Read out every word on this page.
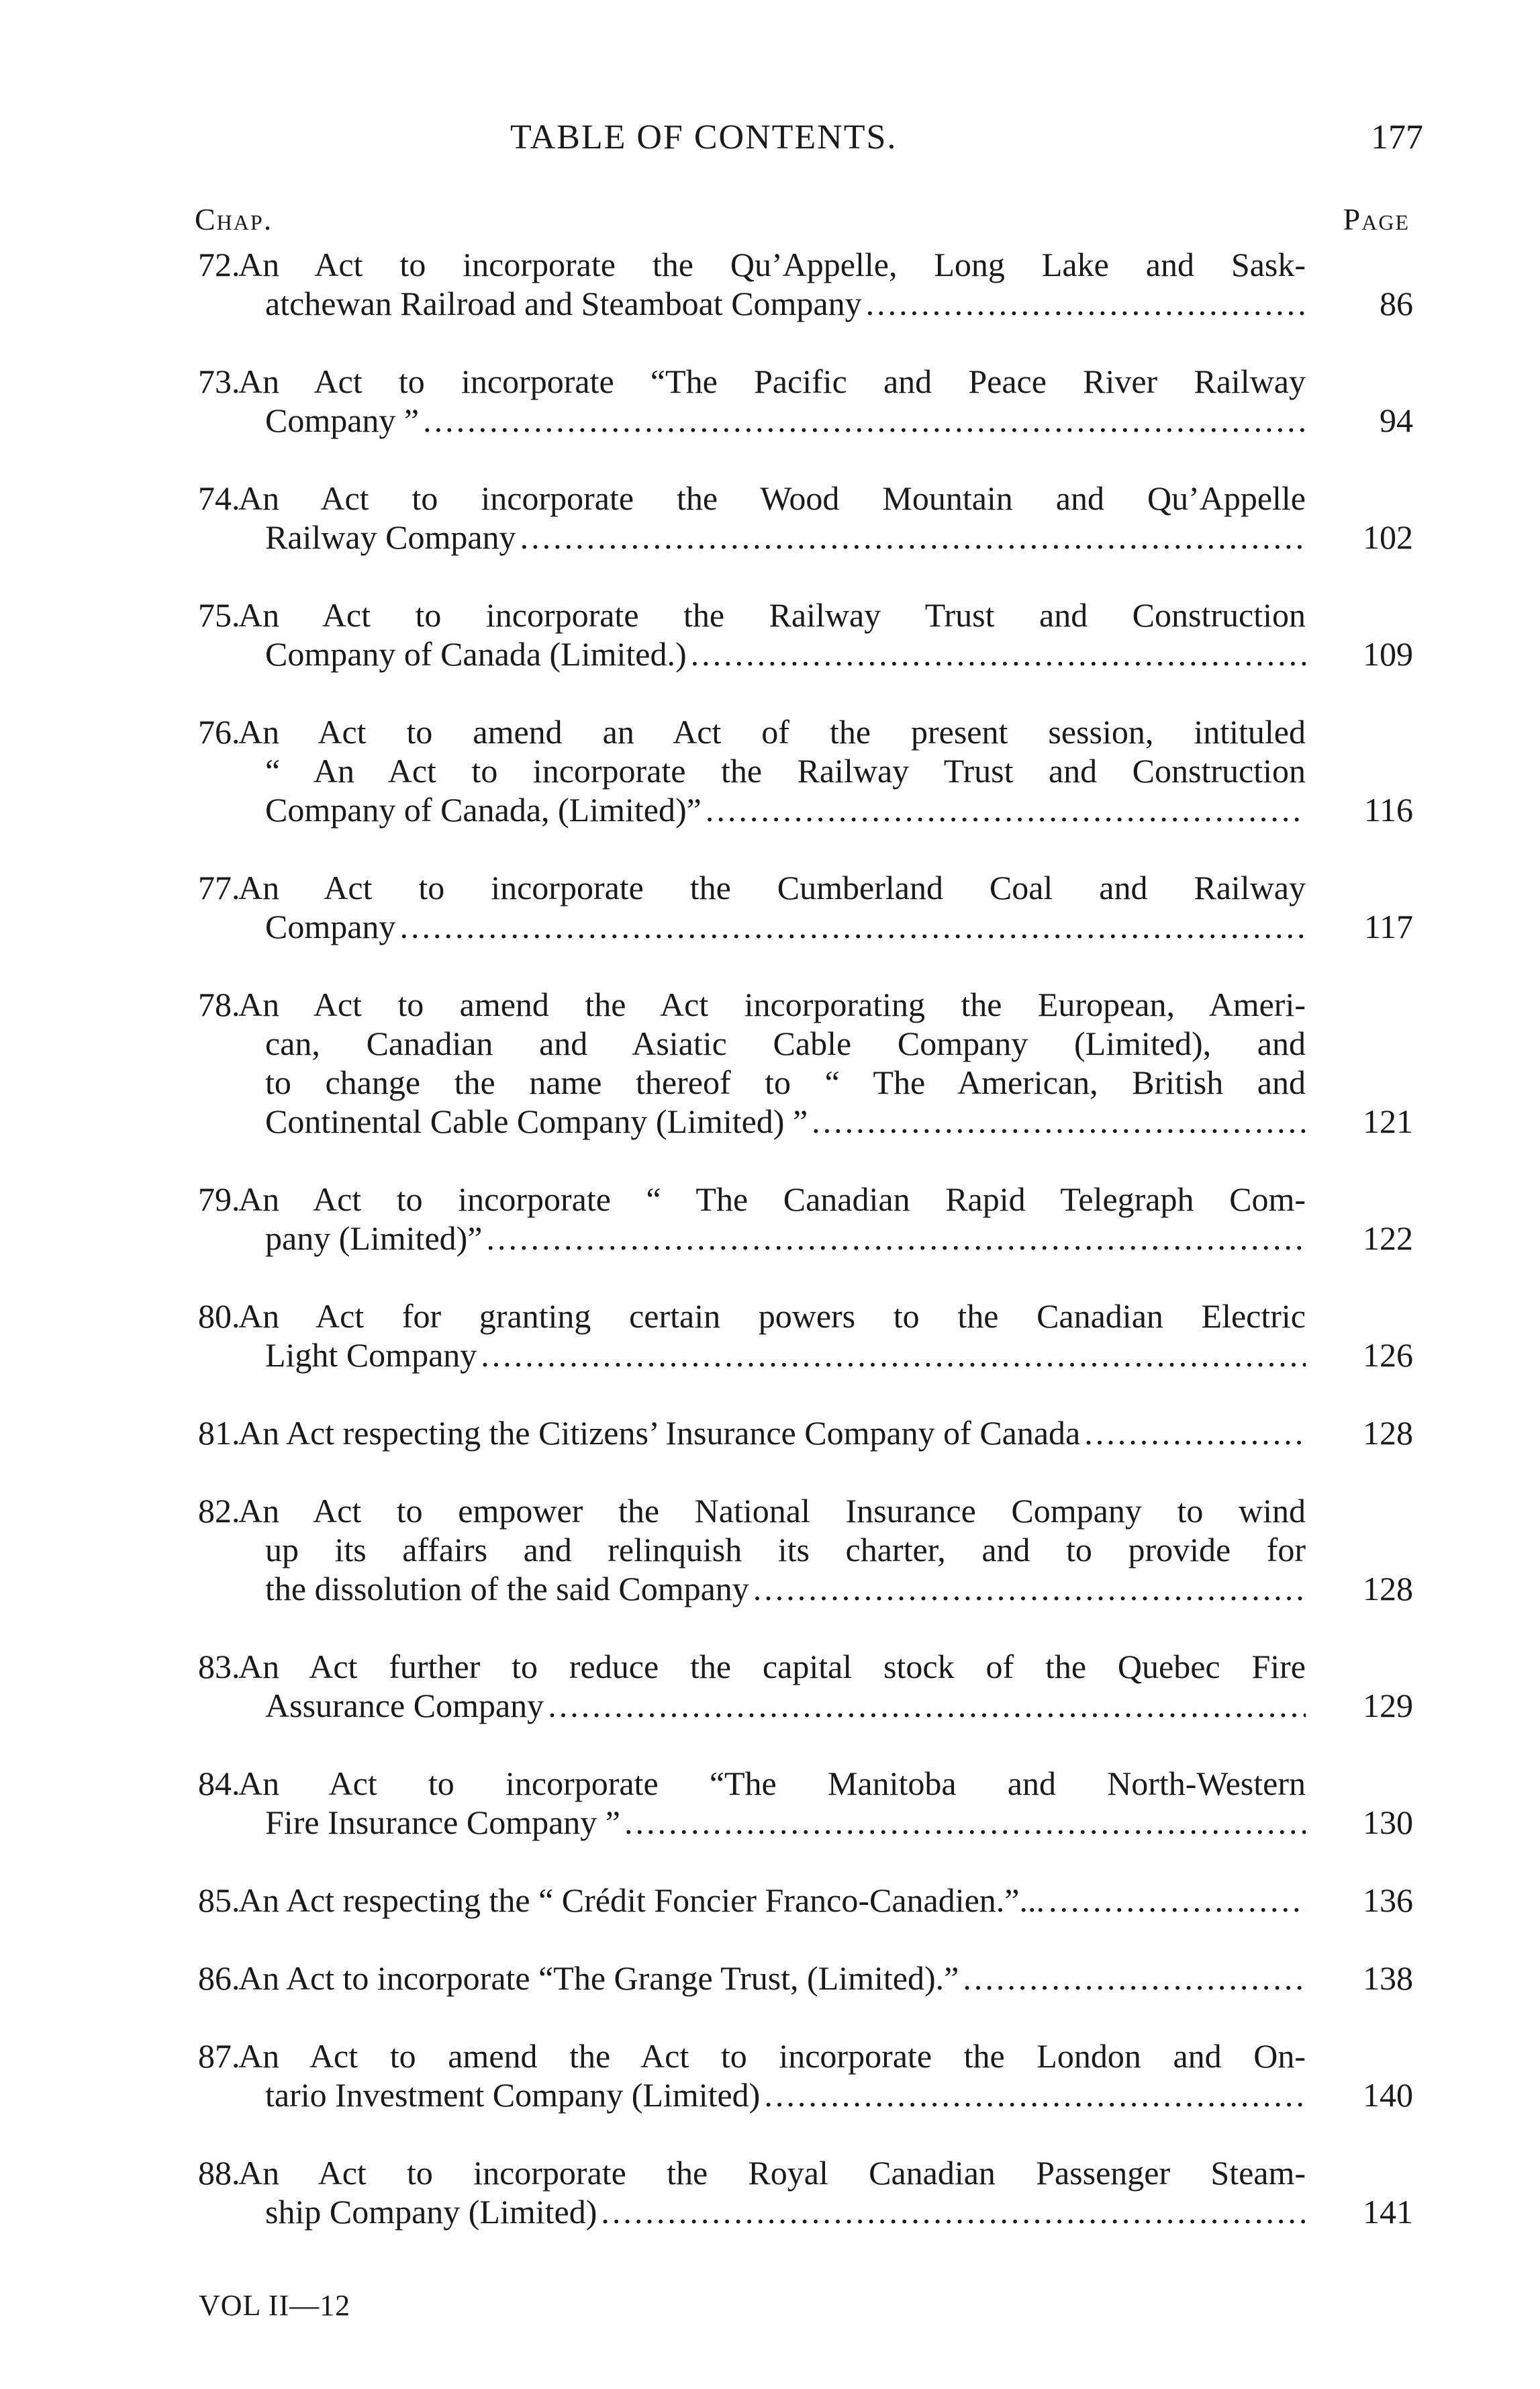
TABLE OF CONTENTS.	177
Chap.	Page
72.
An Act to incorporate the Qu’Appelle, Long Lake and Sask-
atchewan Railroad and Steamboat Company .....	86
73.
An Act to incorporate “The Pacific and Peace River Railway
Company ” .....	94
74.
An Act to incorporate the Wood Mountain and Qu’Appelle
Railway Company .....	102
75.
An Act to incorporate the Railway Trust and Construction
Company of Canada (Limited.) .....	109
76.
An Act to amend an Act of the present session, intituled
“ An Act to incorporate the Railway Trust and Construction
Company of Canada, (Limited)” .....	116
77.
An Act to incorporate the Cumberland Coal and Railway
Company .....	117
78.
An Act to amend the Act incorporating the European, Ameri-
can, Canadian and Asiatic Cable Company (Limited), and
to change the name thereof to “ The American, British and
Continental Cable Company (Limited) ” .....	121
79.
An Act to incorporate “ The Canadian Rapid Telegraph Com-
pany (Limited)” .....	122
80.
An Act for granting certain powers to the Canadian Electric
Light Company .....	126
81.
An Act respecting the Citizens’ Insurance Company of Canada .....	128
82.
An Act to empower the National Insurance Company to wind
up its affairs and relinquish its charter, and to provide for
the dissolution of the said Company .....	128
83.
An Act further to reduce the capital stock of the Quebec Fire
Assurance Company .....	129
84.
An Act to incorporate “The Manitoba and North-Western
Fire Insurance Company ” .....	130
85.
An Act respecting the “ Crédit Foncier Franco-Canadien.”... .....	136
86.
An Act to incorporate “The Grange Trust, (Limited).” .....	138
87.
An Act to amend the Act to incorporate the London and On-
tario Investment Company (Limited) .....	140
88.
An Act to incorporate the Royal Canadian Passenger Steam-
ship Company (Limited) .....	141
VOL II—12
